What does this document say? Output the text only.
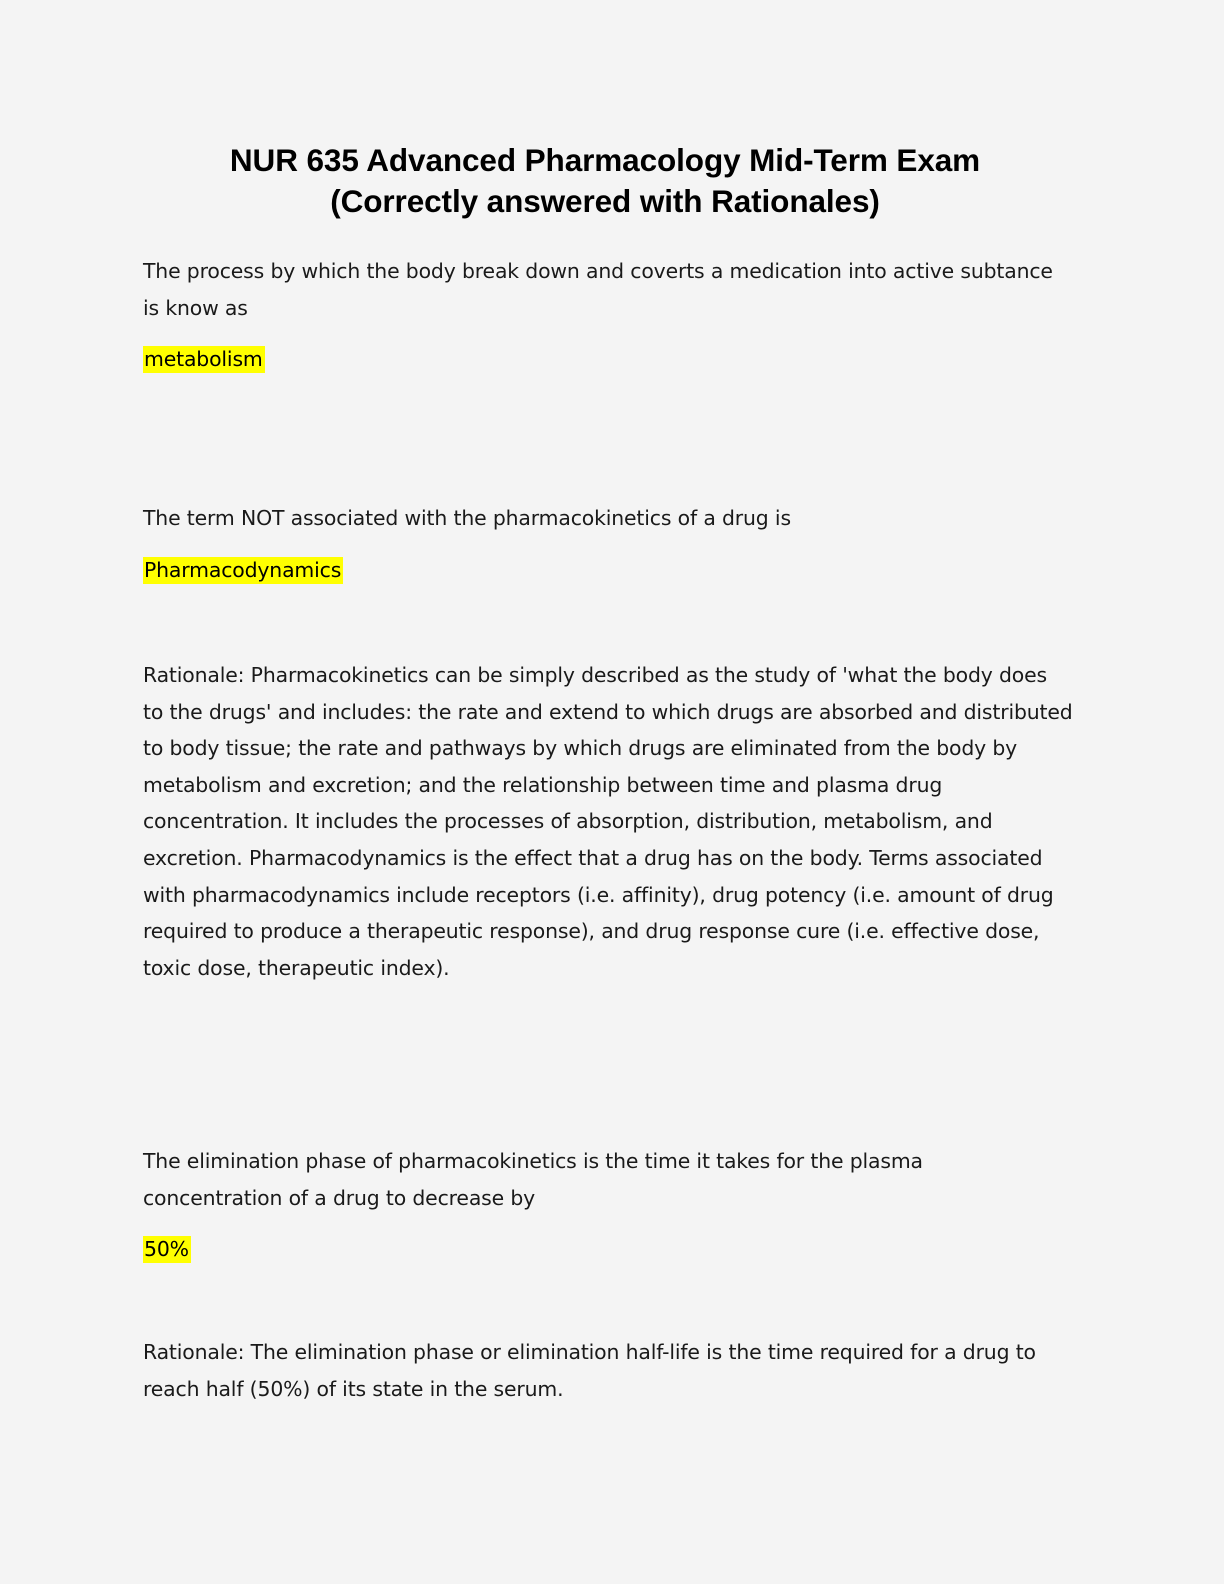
NUR 635 Advanced Pharmacology Mid-Term Exam
(Correctly answered with Rationales)

The process by which the body break down and coverts a medication into active subtance is know as

metabolism

The term NOT associated with the pharmacokinetics of a drug is

Pharmacodynamics

Rationale: Pharmacokinetics can be simply described as the study of 'what the body does to the drugs' and includes: the rate and extend to which drugs are absorbed and distributed to body tissue; the rate and pathways by which drugs are eliminated from the body by metabolism and excretion; and the relationship between time and plasma drug concentration. It includes the processes of absorption, distribution, metabolism, and excretion. Pharmacodynamics is the effect that a drug has on the body. Terms associated with pharmacodynamics include receptors (i.e. affinity), drug potency (i.e. amount of drug required to produce a therapeutic response), and drug response cure (i.e. effective dose, toxic dose, therapeutic index).

The elimination phase of pharmacokinetics is the time it takes for the plasma concentration of a drug to decrease by

50%

Rationale: The elimination phase or elimination half-life is the time required for a drug to reach half (50%) of its state in the serum.
